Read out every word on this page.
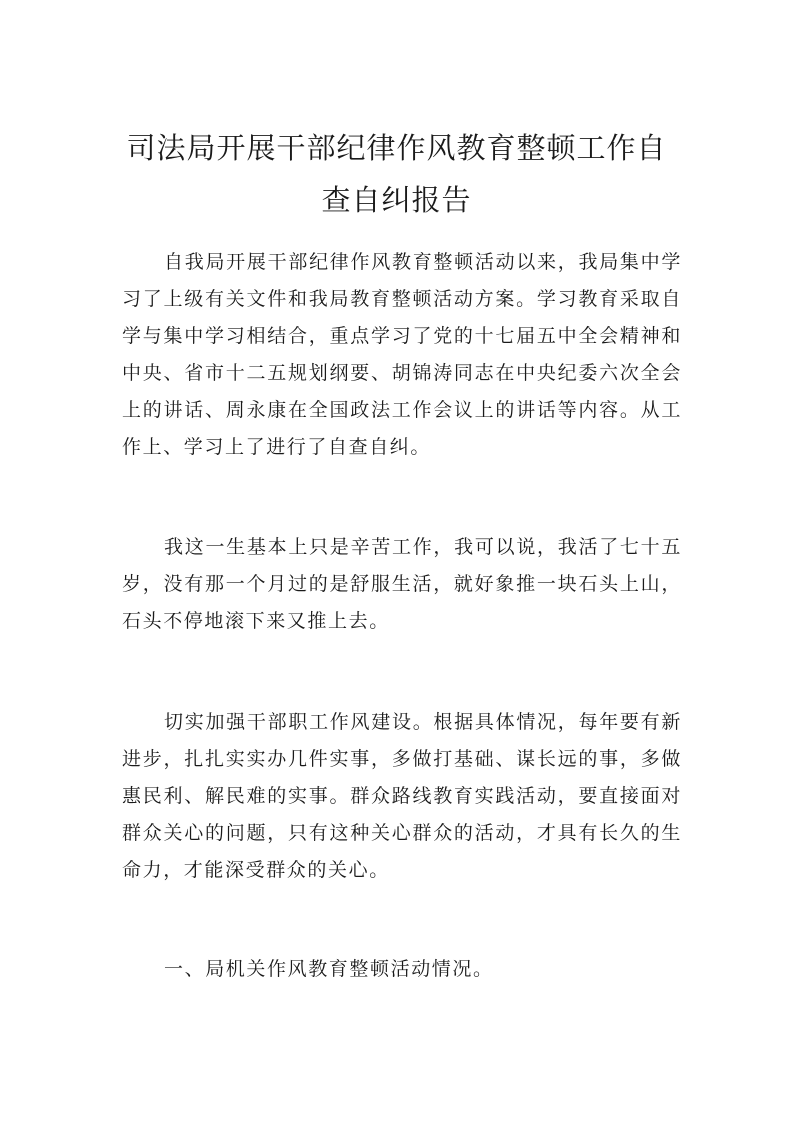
司法局开展干部纪律作风教育整顿工作自查自纠报告

自我局开展干部纪律作风教育整顿活动以来，我局集中学习了上级有关文件和我局教育整顿活动方案。学习教育采取自学与集中学习相结合，重点学习了党的十七届五中全会精神和中央、省市十二五规划纲要、胡锦涛同志在中央纪委六次全会上的讲话、周永康在全国政法工作会议上的讲话等内容。从工作上、学习上了进行了自查自纠。

我这一生基本上只是辛苦工作，我可以说，我活了七十五岁，没有那一个月过的是舒服生活，就好象推一块石头上山，石头不停地滚下来又推上去。

切实加强干部职工作风建设。根据具体情况，每年要有新进步，扎扎实实办几件实事，多做打基础、谋长远的事，多做惠民利、解民难的实事。群众路线教育实践活动，要直接面对群众关心的问题，只有这种关心群众的活动，才具有长久的生命力，才能深受群众的关心。

一、局机关作风教育整顿活动情况。
